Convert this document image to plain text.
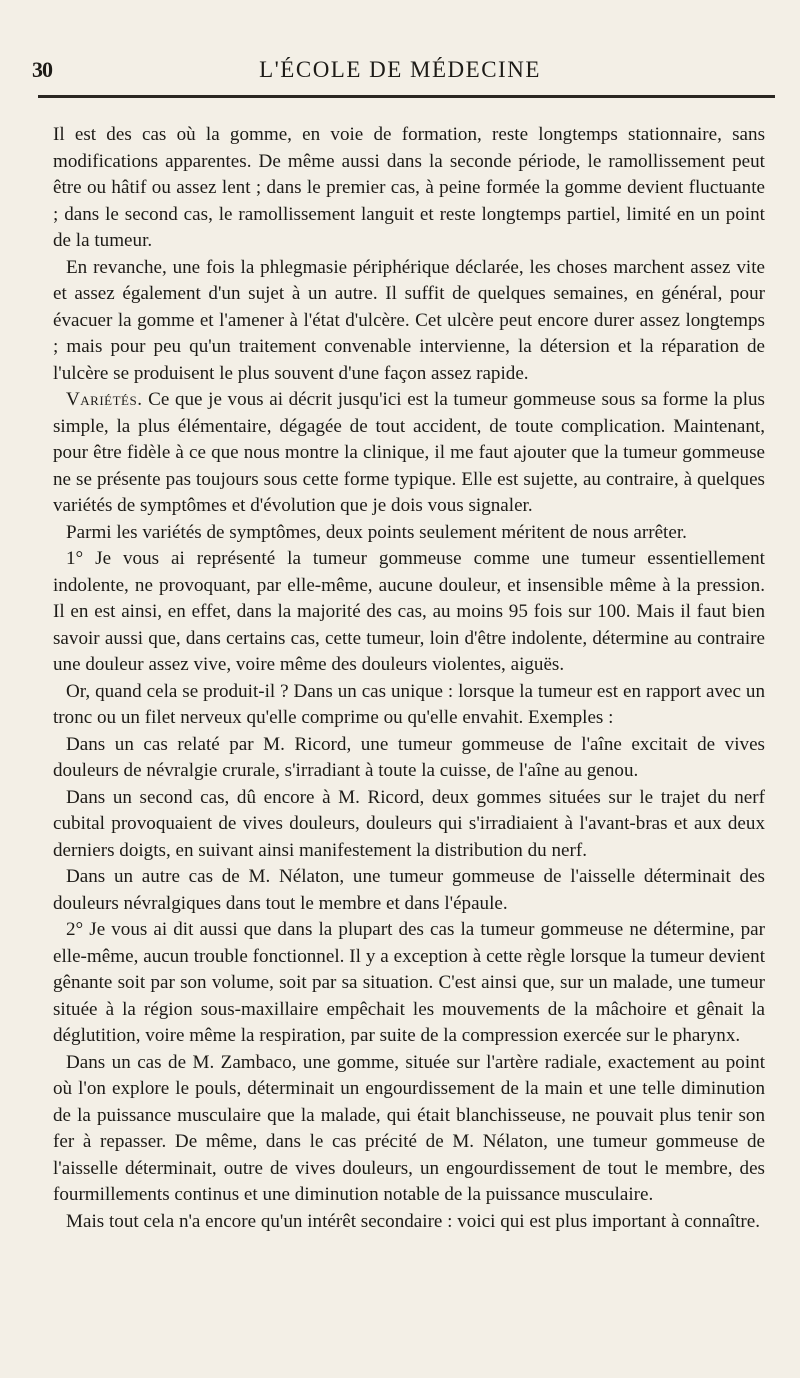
30	L'ÉCOLE DE MÉDECINE

Il est des cas où la gomme, en voie de formation, reste longtemps stationnaire, sans modifications apparentes. De même aussi dans la seconde période, le ramollissement peut être ou hâtif ou assez lent ; dans le premier cas, à peine formée la gomme devient fluctuante ; dans le second cas, le ramollissement languit et reste longtemps partiel, limité en un point de la tumeur.

En revanche, une fois la phlegmasie périphérique déclarée, les choses marchent assez vite et assez également d'un sujet à un autre. Il suffit de quelques semaines, en général, pour évacuer la gomme et l'amener à l'état d'ulcère. Cet ulcère peut encore durer assez longtemps ; mais pour peu qu'un traitement convenable intervienne, la détersion et la réparation de l'ulcère se produisent le plus souvent d'une façon assez rapide.

Variétés. Ce que je vous ai décrit jusqu'ici est la tumeur gommeuse sous sa forme la plus simple, la plus élémentaire, dégagée de tout accident, de toute complication. Maintenant, pour être fidèle à ce que nous montre la clinique, il me faut ajouter que la tumeur gommeuse ne se présente pas toujours sous cette forme typique. Elle est sujette, au contraire, à quelques variétés de symptômes et d'évolution que je dois vous signaler.

Parmi les variétés de symptômes, deux points seulement méritent de nous arrêter.

1° Je vous ai représenté la tumeur gommeuse comme une tumeur essentiellement indolente, ne provoquant, par elle-même, aucune douleur, et insensible même à la pression. Il en est ainsi, en effet, dans la majorité des cas, au moins 95 fois sur 100. Mais il faut bien savoir aussi que, dans certains cas, cette tumeur, loin d'être indolente, détermine au contraire une douleur assez vive, voire même des douleurs violentes, aiguës.

Or, quand cela se produit-il ? Dans un cas unique : lorsque la tumeur est en rapport avec un tronc ou un filet nerveux qu'elle comprime ou qu'elle envahit. Exemples :

Dans un cas relaté par M. Ricord, une tumeur gommeuse de l'aîne excitait de vives douleurs de névralgie crurale, s'irradiant à toute la cuisse, de l'aîne au genou.

Dans un second cas, dû encore à M. Ricord, deux gommes situées sur le trajet du nerf cubital provoquaient de vives douleurs, douleurs qui s'irradiaient à l'avant-bras et aux deux derniers doigts, en suivant ainsi manifestement la distribution du nerf.

Dans un autre cas de M. Nélaton, une tumeur gommeuse de l'aisselle déterminait des douleurs névralgiques dans tout le membre et dans l'épaule.

2° Je vous ai dit aussi que dans la plupart des cas la tumeur gommeuse ne détermine, par elle-même, aucun trouble fonctionnel. Il y a exception à cette règle lorsque la tumeur devient gênante soit par son volume, soit par sa situation. C'est ainsi que, sur un malade, une tumeur située à la région sous-maxillaire empêchait les mouvements de la mâchoire et gênait la déglutition, voire même la respiration, par suite de la compression exercée sur le pharynx.

Dans un cas de M. Zambaco, une gomme, située sur l'artère radiale, exactement au point où l'on explore le pouls, déterminait un engourdissement de la main et une telle diminution de la puissance musculaire que la malade, qui était blanchisseuse, ne pouvait plus tenir son fer à repasser. De même, dans le cas précité de M. Nélaton, une tumeur gommeuse de l'aisselle déterminait, outre de vives douleurs, un engourdissement de tout le membre, des fourmillements continus et une diminution notable de la puissance musculaire.

Mais tout cela n'a encore qu'un intérêt secondaire : voici qui est plus important à connaître.
